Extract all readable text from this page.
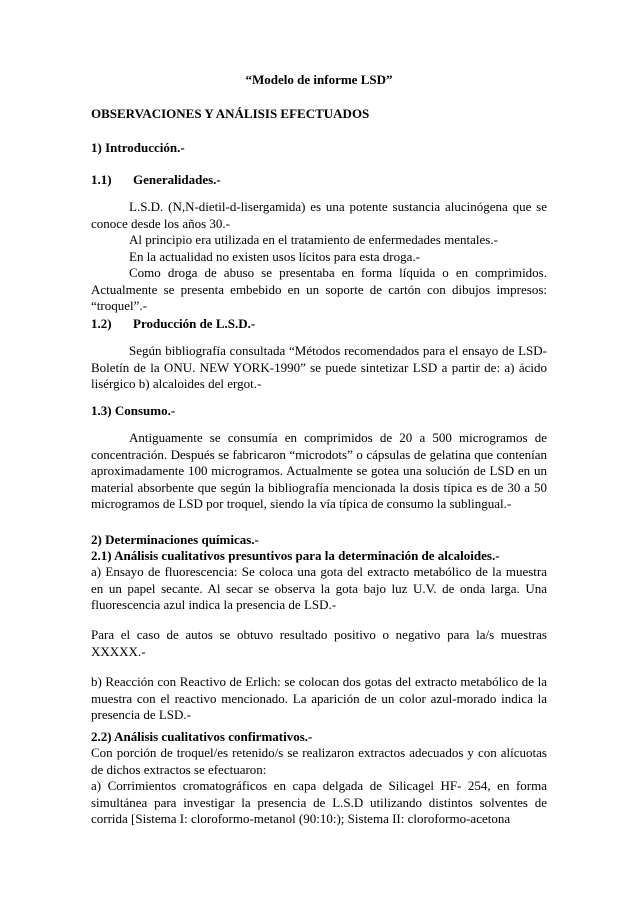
“Modelo de informe LSD”
OBSERVACIONES Y ANÁLISIS EFECTUADOS
1) Introducción.-
1.1) Generalidades.-
L.S.D. (N,N-dietil-d-lisergamida) es una potente sustancia alucinógena que se conoce desde los años 30.-
Al principio era utilizada en el tratamiento de enfermedades mentales.-
En la actualidad no existen usos lícitos para esta droga.-
Como droga de abuso se presentaba en forma líquida o en comprimidos. Actualmente se presenta embebido en un soporte de cartón con dibujos impresos: “troquel”.-
1.2) Producción de L.S.D.-
Según bibliografía consultada “Métodos recomendados para el ensayo de LSD- Boletín de la ONU. NEW YORK-1990” se puede sintetizar LSD a partir de: a) ácido lisérgico b) alcaloides del ergot.-
1.3) Consumo.-
Antiguamente se consumía en comprimidos de 20 a 500 microgramos de concentración. Después se fabricaron “microdots” o cápsulas de gelatina que contenían aproximadamente 100 microgramos. Actualmente se gotea una solución de LSD en un material absorbente que según la bibliografía mencionada la dosis típica es de 30 a 50 microgramos de LSD por troquel, siendo la vía típica de consumo la sublingual.-
2) Determinaciones químicas.-
2.1) Análisis cualitativos presuntivos para la determinación de alcaloides.-
a) Ensayo de fluorescencia: Se coloca una gota del extracto metabólico de la muestra en un papel secante. Al secar se observa la gota bajo luz U.V. de onda larga. Una fluorescencia azul indica la presencia de LSD.-
Para el caso de autos se obtuvo resultado positivo o negativo para la/s muestras XXXXX.-
b) Reacción con Reactivo de Erlich: se colocan dos gotas del extracto metabólico de la muestra con el reactivo mencionado. La aparición de un color azul-morado indica la presencia de LSD.-
2.2) Análisis cualitativos confirmativos.-
Con porción de troquel/es retenido/s se realizaron extractos adecuados y con alícuotas de dichos extractos se efectuaron:
a) Corrimientos cromatográficos en capa delgada de Silicagel HF- 254, en forma simultánea para investigar la presencia de L.S.D utilizando distintos solventes de corrida [Sistema I: cloroformo-metanol (90:10:); Sistema II: cloroformo-acetona
